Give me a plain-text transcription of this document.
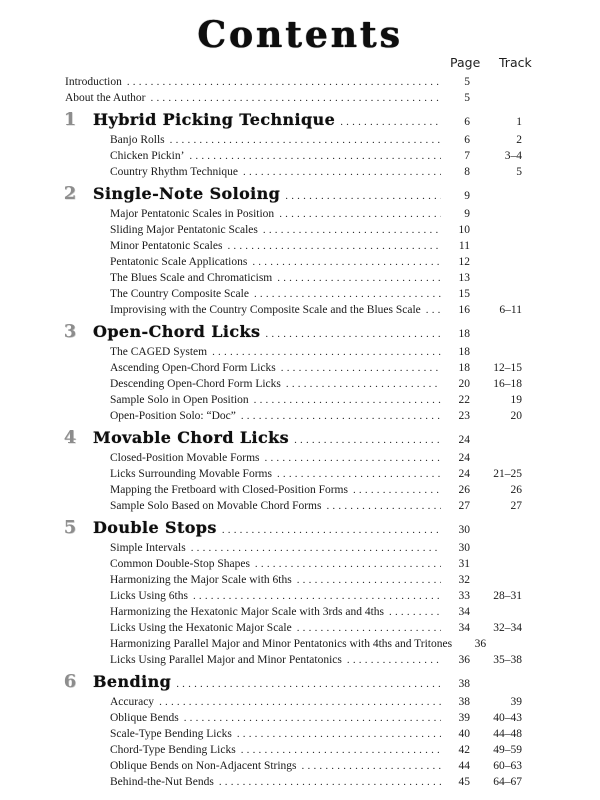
Contents
Page Track
Introduction .....	5
About the Author .....	5
1 Hybrid Picking Technique .....	6	1
Banjo Rolls .....	6	2
Chicken Pickin’ .....	7	3–4
Country Rhythm Technique .....	8	5
2 Single-Note Soloing .....	9
Major Pentatonic Scales in Position .....	9
Sliding Major Pentatonic Scales .....	10
Minor Pentatonic Scales .....	11
Pentatonic Scale Applications .....	12
The Blues Scale and Chromaticism .....	13
The Country Composite Scale .....	15
Improvising with the Country Composite Scale and the Blues Scale .....	16	6–11
3 Open-Chord Licks .....	18
The CAGED System .....	18
Ascending Open-Chord Form Licks .....	18	12–15
Descending Open-Chord Form Licks .....	20	16–18
Sample Solo in Open Position .....	22	19
Open-Position Solo: “Doc” .....	23	20
4 Movable Chord Licks .....	24
Closed-Position Movable Forms .....	24
Licks Surrounding Movable Forms .....	24	21–25
Mapping the Fretboard with Closed-Position Forms .....	26	26
Sample Solo Based on Movable Chord Forms .....	27	27
5 Double Stops .....	30
Simple Intervals .....	30
Common Double-Stop Shapes .....	31
Harmonizing the Major Scale with 6ths .....	32
Licks Using 6ths .....	33	28–31
Harmonizing the Hexatonic Major Scale with 3rds and 4ths .....	34
Licks Using the Hexatonic Major Scale .....	34	32–34
Harmonizing Parallel Major and Minor Pentatonics with 4ths and Tritones	36
Licks Using Parallel Major and Minor Pentatonics .....	36	35–38
6 Bending .....	38
Accuracy .....	38	39
Oblique Bends .....	39	40–43
Scale-Type Bending Licks .....	40	44–48
Chord-Type Bending Licks .....	42	49–59
Oblique Bends on Non-Adjacent Strings .....	44	60–63
Behind-the-Nut Bends .....	45	64–67
